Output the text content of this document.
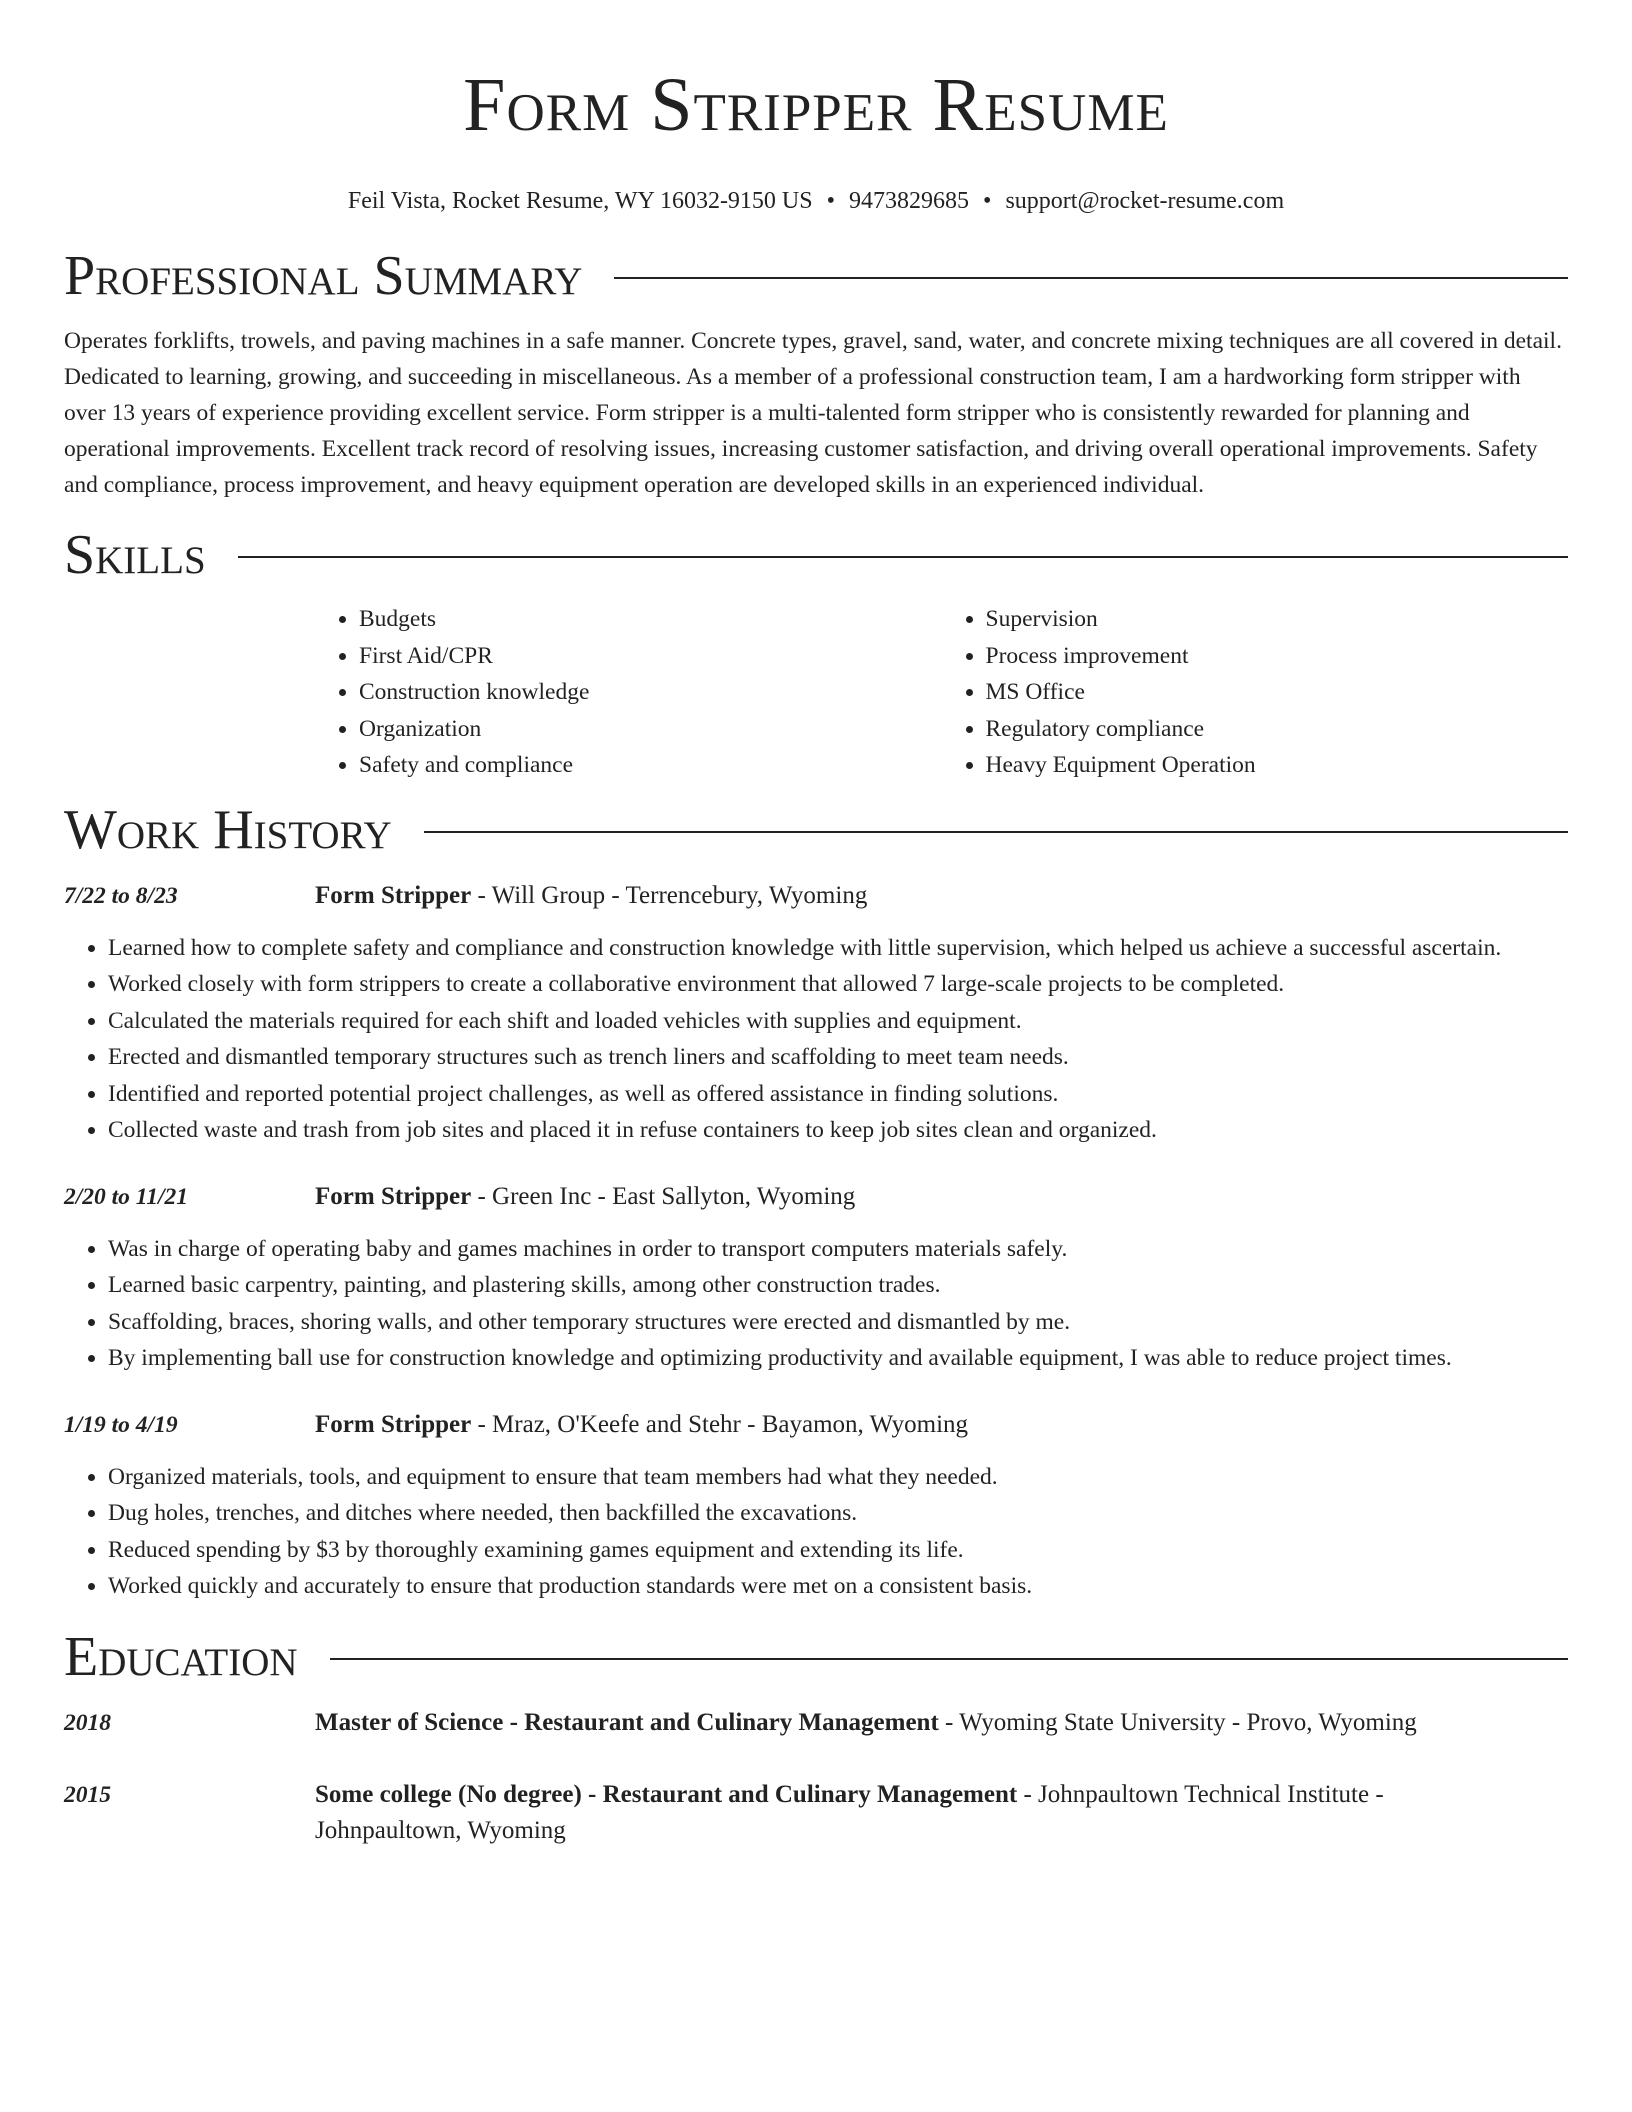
Form Stripper Resume
Feil Vista, Rocket Resume, WY 16032-9150 US • 9473829685 • support@rocket-resume.com
Professional Summary

Operates forklifts, trowels, and paving machines in a safe manner. Concrete types, gravel, sand, water, and concrete mixing techniques are all covered in detail. Dedicated to learning, growing, and succeeding in miscellaneous. As a member of a professional construction team, I am a hardworking form stripper with over 13 years of experience providing excellent service. Form stripper is a multi-talented form stripper who is consistently rewarded for planning and operational improvements. Excellent track record of resolving issues, increasing customer satisfaction, and driving overall operational improvements. Safety and compliance, process improvement, and heavy equipment operation are developed skills in an experienced individual.

Skills
• Budgets
• First Aid/CPR
• Construction knowledge
• Organization
• Safety and compliance
• Supervision
• Process improvement
• MS Office
• Regulatory compliance
• Heavy Equipment Operation
Work History
7/22 to 8/23	Form Stripper - Will Group - Terrencebury, Wyoming
• Learned how to complete safety and compliance and construction knowledge with little supervision, which helped us achieve a successful ascertain.
• Worked closely with form strippers to create a collaborative environment that allowed 7 large-scale projects to be completed.
• Calculated the materials required for each shift and loaded vehicles with supplies and equipment.
• Erected and dismantled temporary structures such as trench liners and scaffolding to meet team needs.
• Identified and reported potential project challenges, as well as offered assistance in finding solutions.
• Collected waste and trash from job sites and placed it in refuse containers to keep job sites clean and organized.
2/20 to 11/21	Form Stripper - Green Inc - East Sallyton, Wyoming
• Was in charge of operating baby and games machines in order to transport computers materials safely.
• Learned basic carpentry, painting, and plastering skills, among other construction trades.
• Scaffolding, braces, shoring walls, and other temporary structures were erected and dismantled by me.
• By implementing ball use for construction knowledge and optimizing productivity and available equipment, I was able to reduce project times.
1/19 to 4/19	Form Stripper - Mraz, O'Keefe and Stehr - Bayamon, Wyoming
• Organized materials, tools, and equipment to ensure that team members had what they needed.
• Dug holes, trenches, and ditches where needed, then backfilled the excavations.
• Reduced spending by $3 by thoroughly examining games equipment and extending its life.
• Worked quickly and accurately to ensure that production standards were met on a consistent basis.
Education
2018	Master of Science - Restaurant and Culinary Management - Wyoming State University - Provo, Wyoming
2015	Some college (No degree) - Restaurant and Culinary Management - Johnpaultown Technical Institute - Johnpaultown, Wyoming
